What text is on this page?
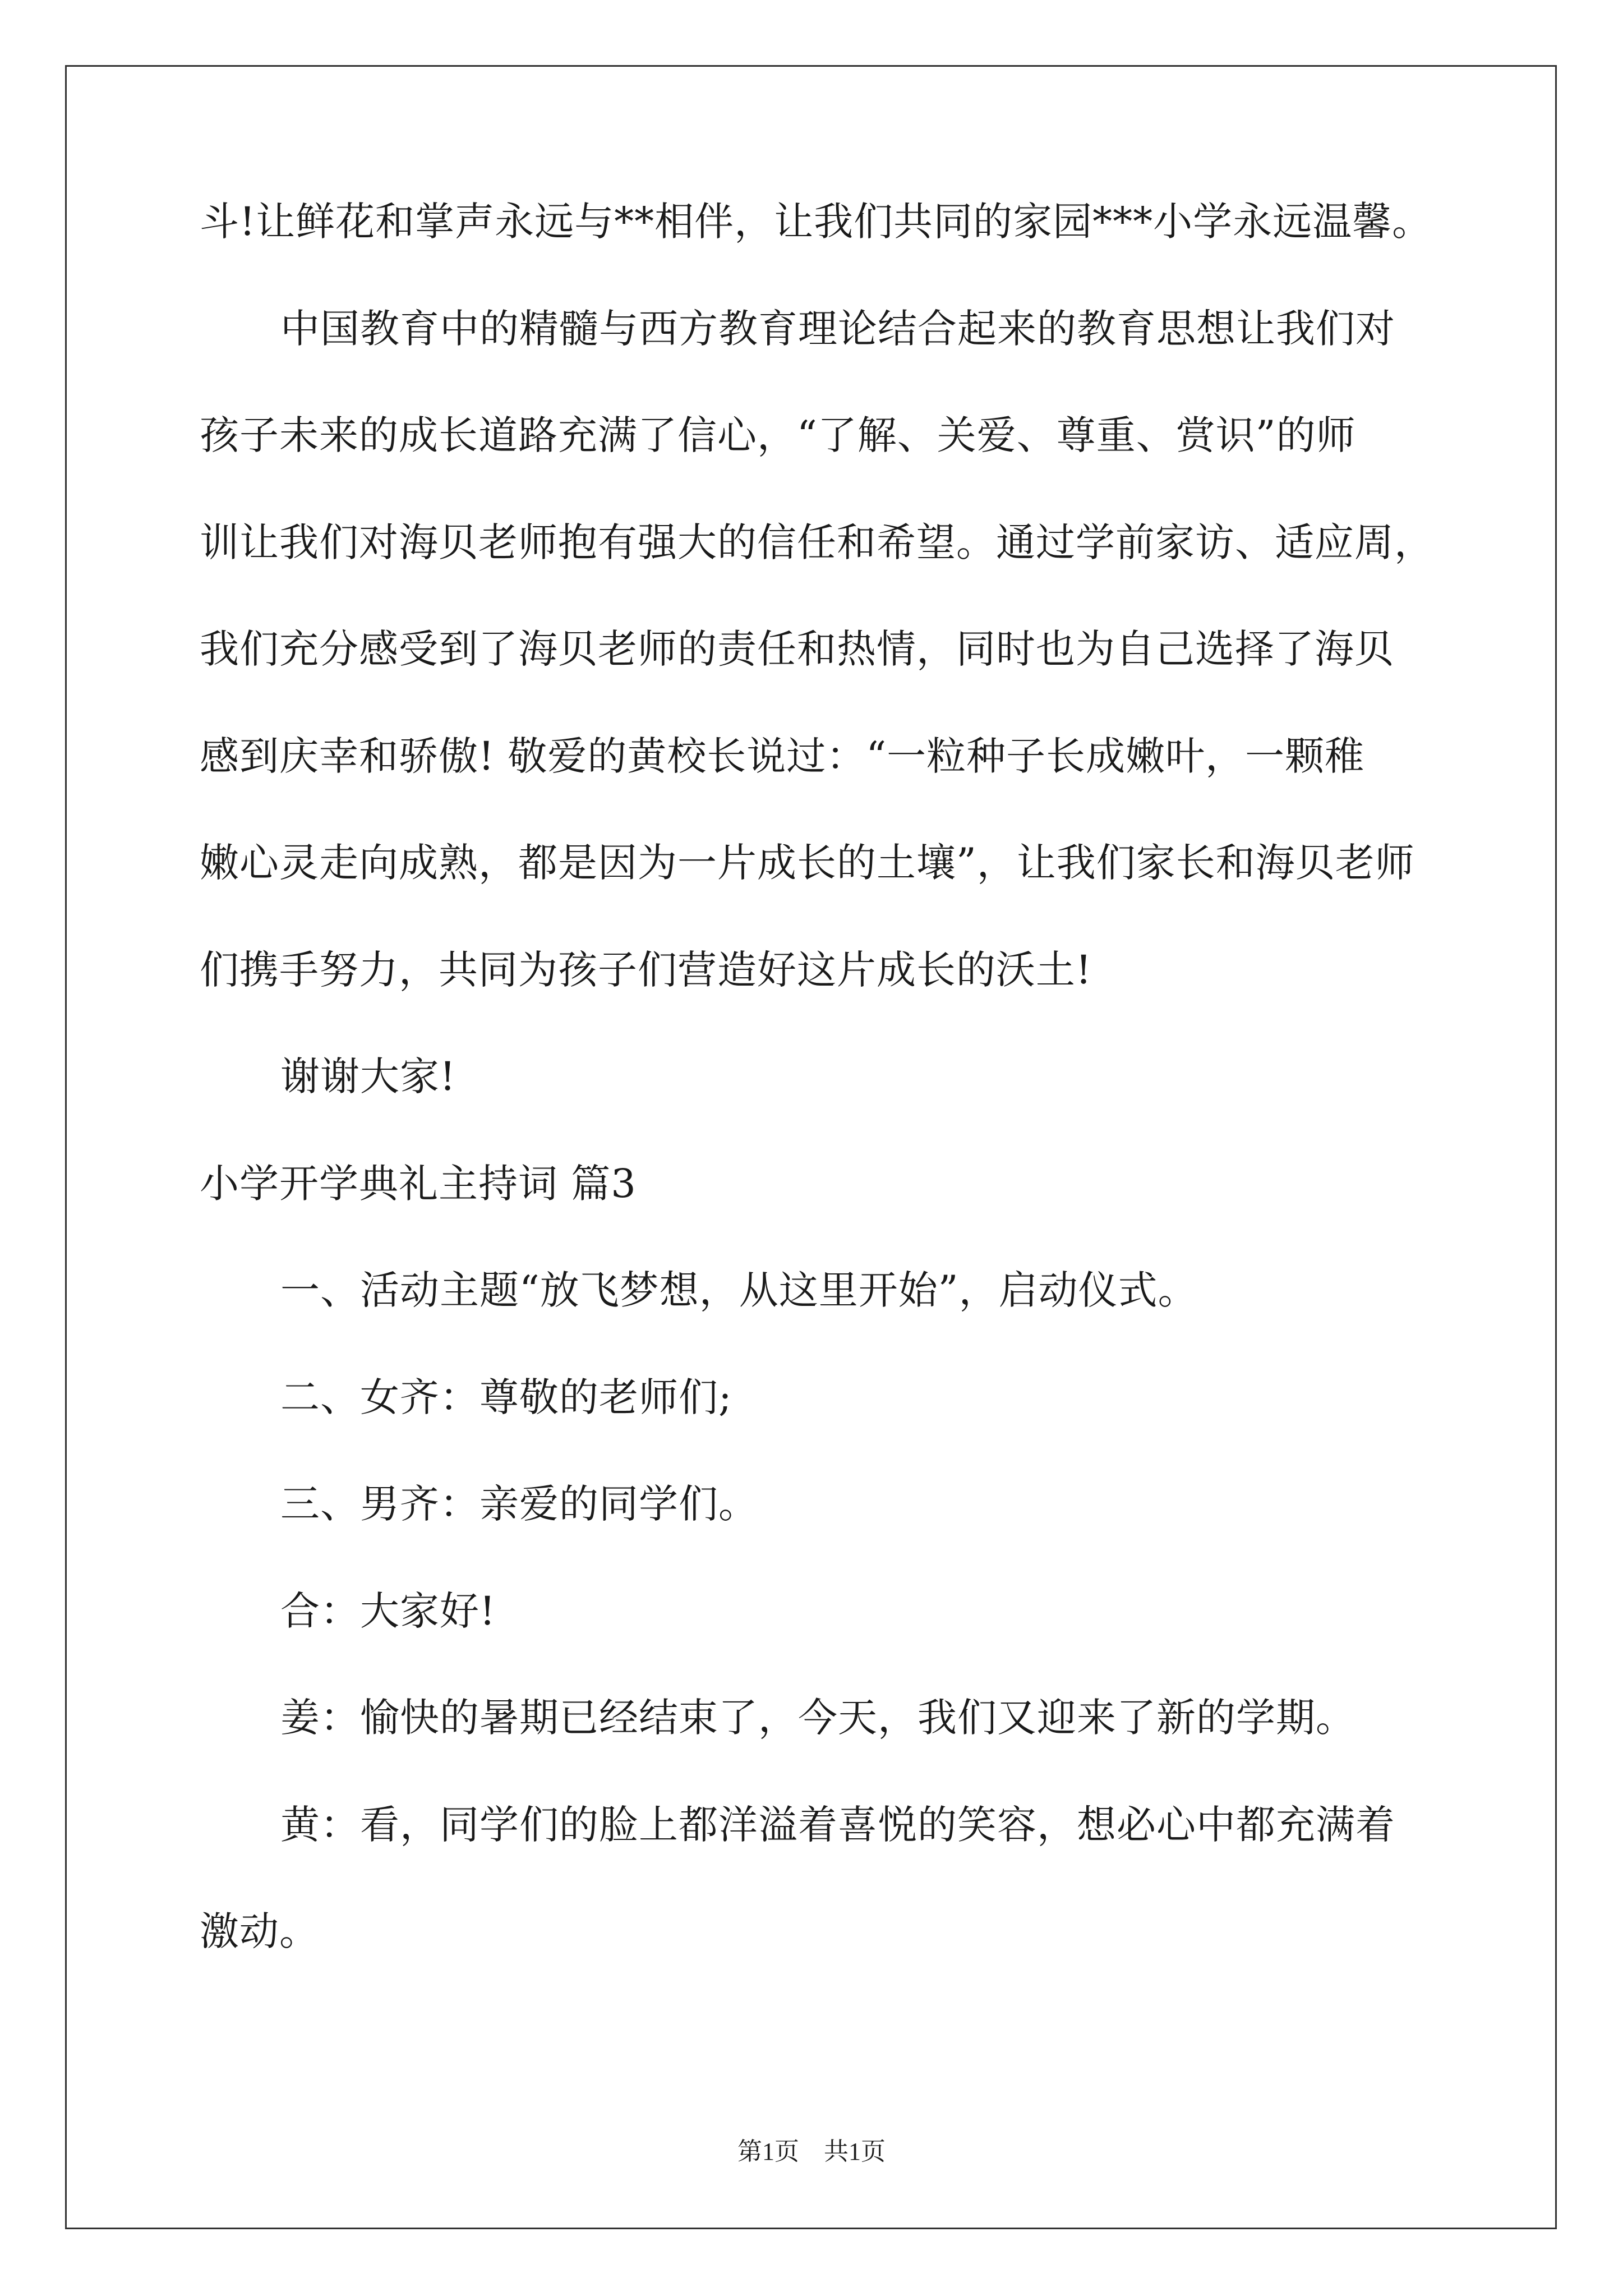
斗!让鲜花和掌声永远与**相伴，让我们共同的家园***小学永远温馨。
中国教育中的精髓与西方教育理论结合起来的教育思想让我们对
孩子未来的成长道路充满了信心，“了解、关爱、尊重、赏识”的师
训让我们对海贝老师抱有强大的信任和希望。通过学前家访、适应周，
我们充分感受到了海贝老师的责任和热情，同时也为自己选择了海贝
感到庆幸和骄傲! 敬爱的黄校长说过：“一粒种子长成嫩叶，一颗稚
嫩心灵走向成熟，都是因为一片成长的土壤”，让我们家长和海贝老师
们携手努力，共同为孩子们营造好这片成长的沃土!
谢谢大家!
小学开学典礼主持词 篇3
一、活动主题“放飞梦想，从这里开始”，启动仪式。
二、女齐：尊敬的老师们;
三、男齐：亲爱的同学们。
合：大家好!
姜：愉快的暑期已经结束了，今天，我们又迎来了新的学期。
黄：看，同学们的脸上都洋溢着喜悦的笑容，想必心中都充满着
激动。
第1页　共1页
